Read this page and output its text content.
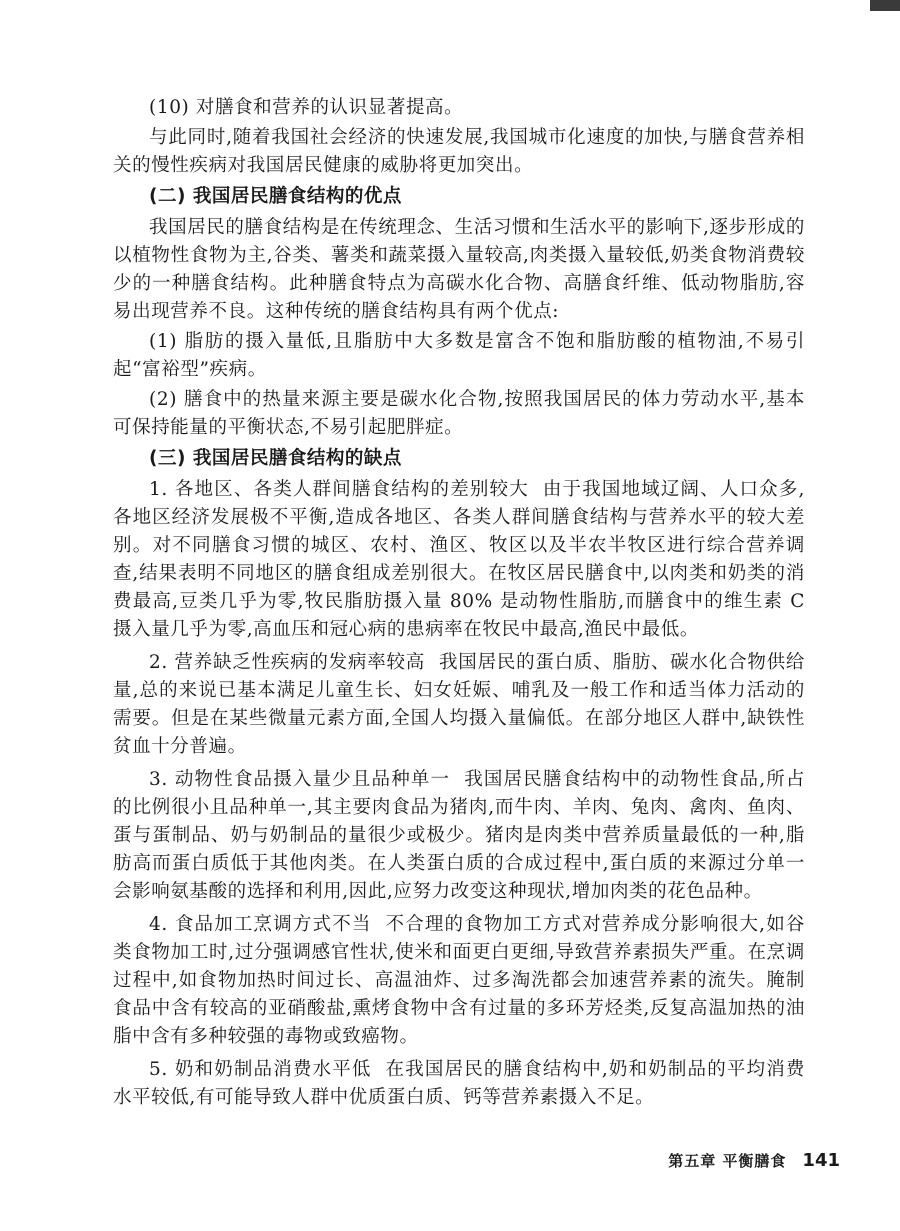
(10) 对膳食和营养的认识显著提高。

与此同时,随着我国社会经济的快速发展,我国城市化速度的加快,与膳食营养相关的慢性疾病对我国居民健康的威胁将更加突出。

(二) 我国居民膳食结构的优点

我国居民的膳食结构是在传统理念、生活习惯和生活水平的影响下,逐步形成的以植物性食物为主,谷类、薯类和蔬菜摄入量较高,肉类摄入量较低,奶类食物消费较少的一种膳食结构。此种膳食特点为高碳水化合物、高膳食纤维、低动物脂肪,容易出现营养不良。这种传统的膳食结构具有两个优点:

(1) 脂肪的摄入量低,且脂肪中大多数是富含不饱和脂肪酸的植物油,不易引起“富裕型”疾病。

(2) 膳食中的热量来源主要是碳水化合物,按照我国居民的体力劳动水平,基本可保持能量的平衡状态,不易引起肥胖症。

(三) 我国居民膳食结构的缺点

1. 各地区、各类人群间膳食结构的差别较大 由于我国地域辽阔、人口众多,各地区经济发展极不平衡,造成各地区、各类人群间膳食结构与营养水平的较大差别。对不同膳食习惯的城区、农村、渔区、牧区以及半农半牧区进行综合营养调查,结果表明不同地区的膳食组成差别很大。在牧区居民膳食中,以肉类和奶类的消费最高,豆类几乎为零,牧民脂肪摄入量 80% 是动物性脂肪,而膳食中的维生素 C 摄入量几乎为零,高血压和冠心病的患病率在牧民中最高,渔民中最低。

2. 营养缺乏性疾病的发病率较高 我国居民的蛋白质、脂肪、碳水化合物供给量,总的来说已基本满足儿童生长、妇女妊娠、哺乳及一般工作和适当体力活动的需要。但是在某些微量元素方面,全国人均摄入量偏低。在部分地区人群中,缺铁性贫血十分普遍。

3. 动物性食品摄入量少且品种单一 我国居民膳食结构中的动物性食品,所占的比例很小且品种单一,其主要肉食品为猪肉,而牛肉、羊肉、兔肉、禽肉、鱼肉、蛋与蛋制品、奶与奶制品的量很少或极少。猪肉是肉类中营养质量最低的一种,脂肪高而蛋白质低于其他肉类。在人类蛋白质的合成过程中,蛋白质的来源过分单一会影响氨基酸的选择和利用,因此,应努力改变这种现状,增加肉类的花色品种。

4. 食品加工烹调方式不当 不合理的食物加工方式对营养成分影响很大,如谷类食物加工时,过分强调感官性状,使米和面更白更细,导致营养素损失严重。在烹调过程中,如食物加热时间过长、高温油炸、过多淘洗都会加速营养素的流失。腌制食品中含有较高的亚硝酸盐,熏烤食物中含有过量的多环芳烃类,反复高温加热的油脂中含有多种较强的毒物或致癌物。

5. 奶和奶制品消费水平低 在我国居民的膳食结构中,奶和奶制品的平均消费水平较低,有可能导致人群中优质蛋白质、钙等营养素摄入不足。

第五章 平衡膳食 141
